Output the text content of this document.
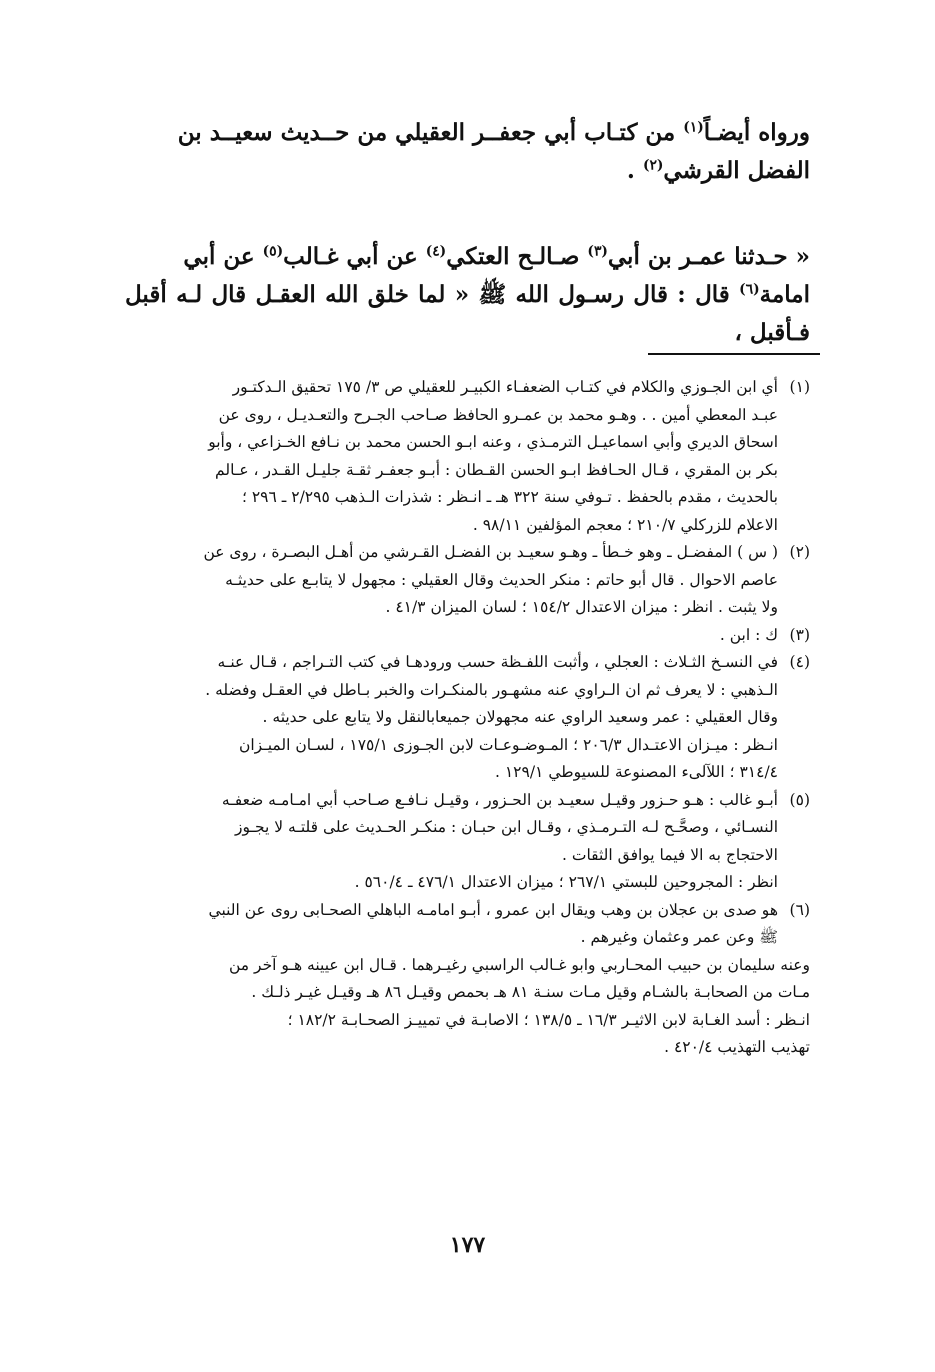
ورواه أيضـاً$^{(١)}$ من كتـاب أبي جعفــر العقيلي من حــديث سعيــد بن
الفضل القرشي$^{(٢)}$ .

« حـدثنا عمـر بن أبي$^{(٣)}$ صـالـح العتكي$^{(٤)}$ عن أبي غـالب$^{(٥)}$ عن أبي
امامة$^{(٦)}$ قال : قال رسـول الله ﷺ « لما خلق الله العقـل قال لـه أقبل فـأقبل ،

(١)
أي ابن الجـوزي والكلام في كتـاب الضعفـاء الكبيـر للعقيلي ص ٣/ ١٧٥ تحقيق الـدكتـور
عبـد المعطي أمين . . وهـو محمد بن عمـرو الحافظ صـاحب الجـرح والتعـديـل ، روى عن
اسحاق الديري وأبي اسماعيـل الترمـذي ، وعنه ابـو الحسن محمد بن نـافع الخـزاعي ، وأبو
بكر بن المقري ، قـال الحـافظ ابـو الحسن القـطان : أبـو جعفـر ثقـة جليـل القـدر ، عـالم
بالحديث ، مقدم بالحفظ . تـوفي سنة ٣٢٢ هـ ـ انـظر : شذرات الـذهب ٢/٢٩٥ ـ ٢٩٦ ؛
الاعلام للزركلي ٢١٠/٧ ؛ معجم المؤلفين ٩٨/١١ .
(٢)
( س ) المفضـل ـ وهو خـطأ ـ وهـو سعيـد بن الفضـل القـرشي من أهـل البصـرة ، روى عن
عاصم الاحوال . قال أبو حاتم : منكر الحديث وقال العقيلي : مجهول لا يتابـع على حديثـه
ولا يثبت . انظر : ميزان الاعتدال ١٥٤/٢ ؛ لسان الميزان ٤١/٣ .
(٣)
ك : ابن .
(٤)
في النسـخ الثـلاث : العجلي ، وأثبت اللفـظة حسب ورودهـا في كتب التـراجم ، قـال عنـه
الـذهبي : لا يعرف ثم ان الـراوي عنه مشهـور بالمنكـرات والخبر بـاطل في العقـل وفضله .
وقال العقيلي : عمر وسعيد الراوي عنه مجهولان جميعابالنقل ولا يتابع على حديثه .
انـظر : ميـزان الاعتـدال ٢٠٦/٣ ؛ المـوضـوعـات لابن الجـوزى ١٧٥/١ ، لسـان الميـزان
٣١٤/٤ ؛ اللآلىء المصنوعة للسيوطي ١٢٩/١ .
(٥)
أبـو غالب : هـو حـزور وقيـل سعيـد بن الحـزور ، وقيـل نـافـع صـاحب أبي امـامـه ضعفـه
النسـائي ، وصحَّـح لـه التـرمـذي ، وقـال ابن حبـان : منكـر الحـديث على قلتـه لا يجـوز
الاحتجاج به الا فيما يوافق الثقات .
انظر : المجروحين للبستي ٢٦٧/١ ؛ ميزان الاعتدال ٤٧٦/١ ـ ٥٦٠/٤ .
(٦)
هو صدى بن عجلان بن وهب ويقال ابن عمرو ، أبـو امامـه الباهلي الصحـابى روى عن النبي
ﷺ وعن عمر وعثمان وغيرهم .
وعنه سليمان بن حبيب المحـاربي وابو غـالب الراسبي رغيـرهما . قـال ابن عيينه هـو آخر من
مـات من الصحابـة بالشـام وقيل مـات سنـة ٨١ هـ بحمص وقيـل ٨٦ هـ وقيـل غيـر ذلـك .
انـظر : أسد الغـابة لابن الاثيـر ١٦/٣ ـ ١٣٨/٥ ؛ الاصابـة في تمييـز الصحـابـة ١٨٢/٢ ؛
تهذيب التهذيب ٤٢٠/٤ .
١٧٧
